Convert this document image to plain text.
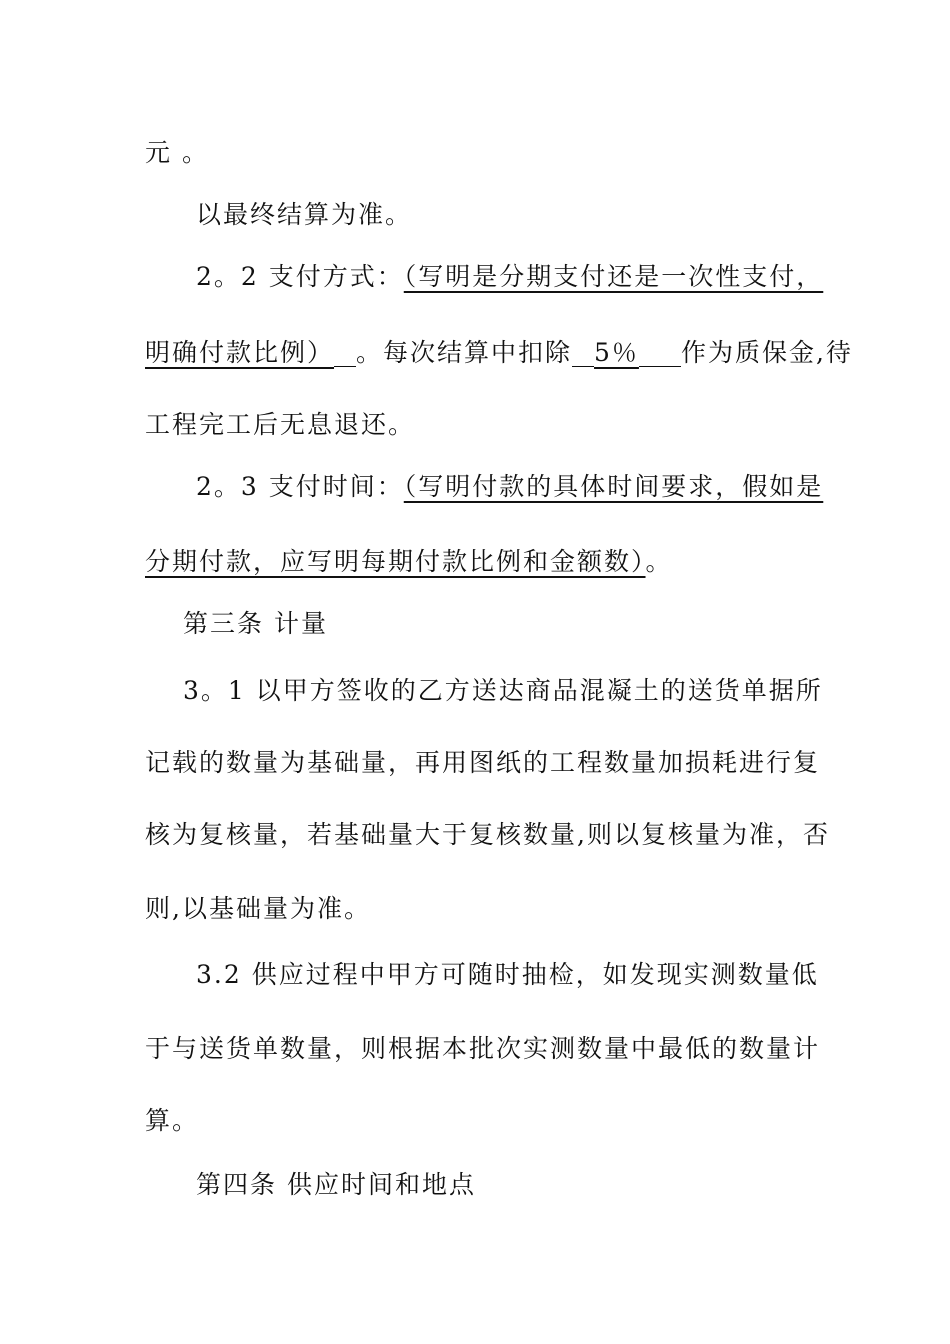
元 。
以最终结算为准。
2。2 支付方式：（写明是分期支付还是一次性支付，
明确付款比例） 。每次结算中扣除 5％ 作为质保金,待
工程完工后无息退还。
2。3 支付时间：（写明付款的具体时间要求，假如是
分期付款，应写明每期付款比例和金额数）。
第三条 计量
3。1 以甲方签收的乙方送达商品混凝土的送货单据所
记载的数量为基础量，再用图纸的工程数量加损耗进行复
核为复核量，若基础量大于复核数量,则以复核量为准，否
则,以基础量为准。
3.2 供应过程中甲方可随时抽检，如发现实测数量低
于与送货单数量，则根据本批次实测数量中最低的数量计
算。
第四条 供应时间和地点
